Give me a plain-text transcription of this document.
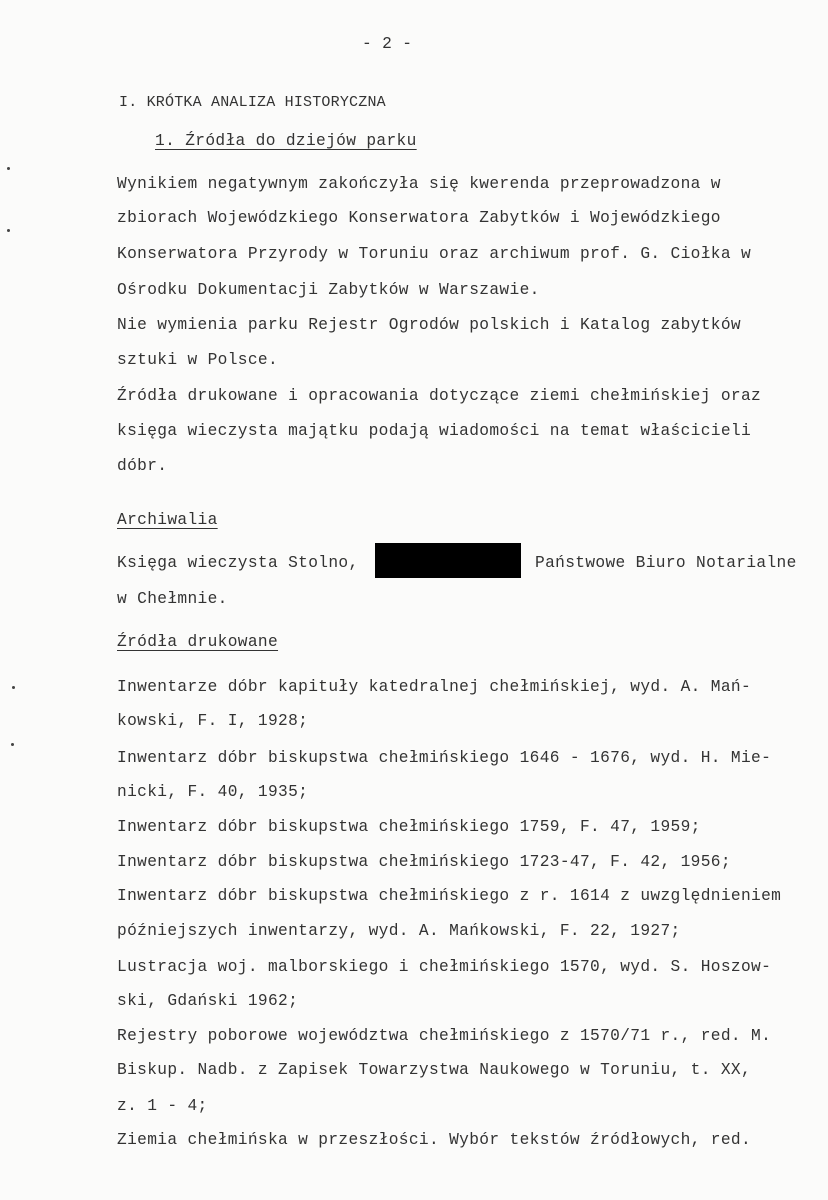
- 2 -
I. KRÓTKA ANALIZA HISTORYCZNA
1. Źródła do dziejów parku
Wynikiem negatywnym zakończyła się kwerenda przeprowadzona w
zbiorach Wojewódzkiego Konserwatora Zabytków i Wojewódzkiego
Konserwatora Przyrody w Toruniu oraz archiwum prof. G. Ciołka w
Ośrodku Dokumentacji Zabytków w Warszawie.
Nie wymienia parku Rejestr Ogrodów polskich i Katalog zabytków
sztuki w Polsce.
Źródła drukowane i opracowania dotyczące ziemi chełmińskiej oraz
księga wieczysta majątku podają wiadomości na temat właścicieli
dóbr.
Archiwalia
Księga wieczysta Stolno,	Państwowe Biuro Notarialne
w Chełmnie.
Źródła drukowane
Inwentarze dóbr kapituły katedralnej chełmińskiej, wyd. A. Mań-
kowski, F. I, 1928;
Inwentarz dóbr biskupstwa chełmińskiego 1646 - 1676, wyd. H. Mie-
nicki, F. 40, 1935;
Inwentarz dóbr biskupstwa chełmińskiego 1759, F. 47, 1959;
Inwentarz dóbr biskupstwa chełmińskiego 1723-47, F. 42, 1956;
Inwentarz dóbr biskupstwa chełmińskiego z r. 1614 z uwzględnieniem
późniejszych inwentarzy, wyd. A. Mańkowski, F. 22, 1927;
Lustracja woj. malborskiego i chełmińskiego 1570, wyd. S. Hoszow-
ski, Gdański 1962;
Rejestry poborowe województwa chełmińskiego z 1570/71 r., red. M.
Biskup. Nadb. z Zapisek Towarzystwa Naukowego w Toruniu, t. XX,
z. 1 - 4;
Ziemia chełmińska w przeszłości. Wybór tekstów źródłowych, red.
